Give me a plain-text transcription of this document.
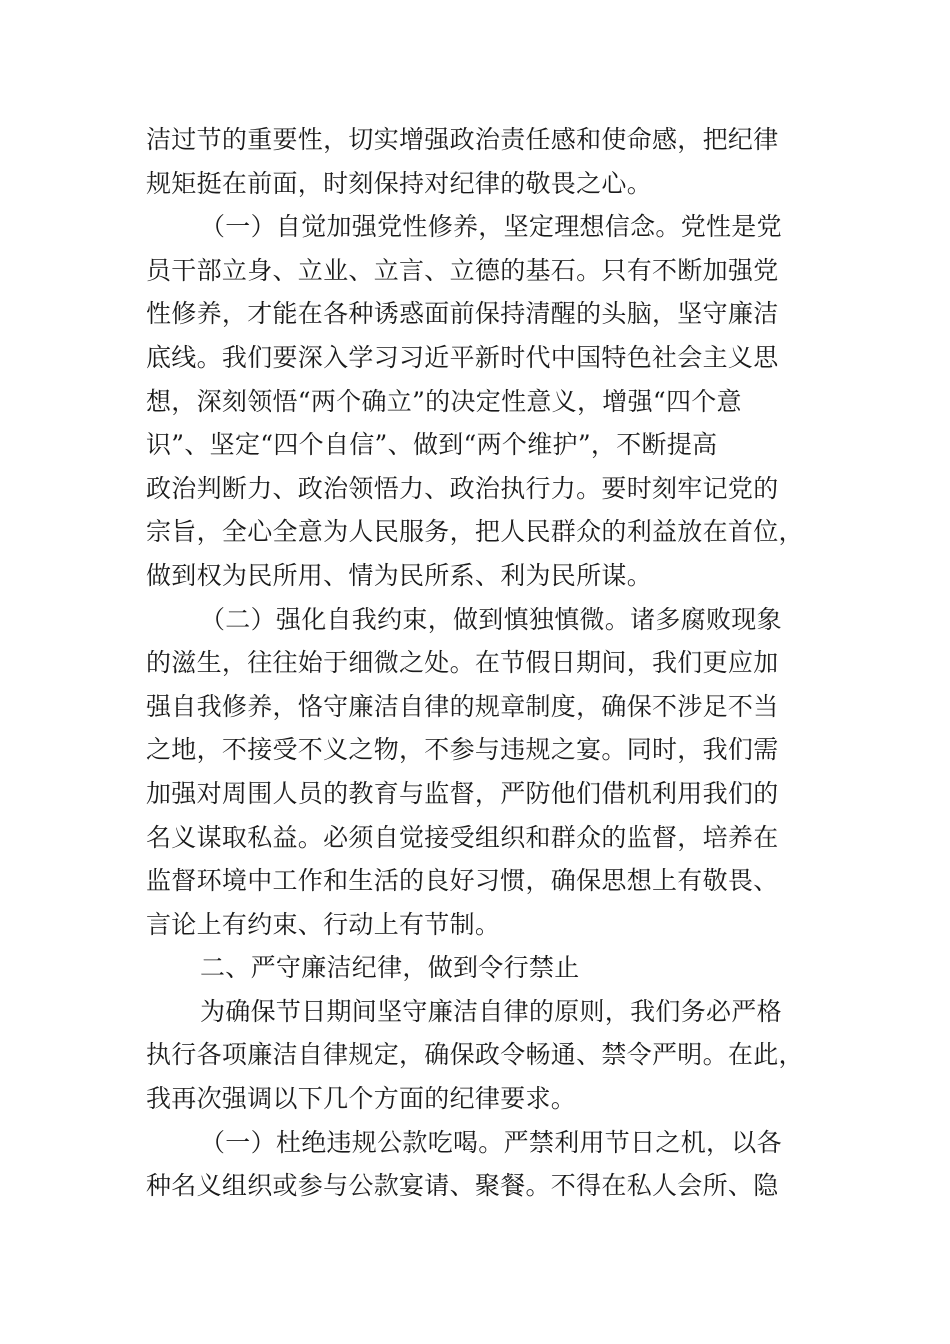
洁过节的重要性，切实增强政治责任感和使命感，把纪律

规矩挺在前面，时刻保持对纪律的敬畏之心。

（一）自觉加强党性修养，坚定理想信念。党性是党

员干部立身、立业、立言、立德的基石。只有不断加强党

性修养，才能在各种诱惑面前保持清醒的头脑，坚守廉洁

底线。我们要深入学习习近平新时代中国特色社会主义思

想，深刻领悟“两个确立”的决定性意义，增强“四个意

识”、坚定“四个自信”、做到“两个维护”，不断提高

政治判断力、政治领悟力、政治执行力。要时刻牢记党的

宗旨，全心全意为人民服务，把人民群众的利益放在首位，

做到权为民所用、情为民所系、利为民所谋。

（二）强化自我约束，做到慎独慎微。诸多腐败现象

的滋生，往往始于细微之处。在节假日期间，我们更应加

强自我修养，恪守廉洁自律的规章制度，确保不涉足不当

之地，不接受不义之物，不参与违规之宴。同时，我们需

加强对周围人员的教育与监督，严防他们借机利用我们的

名义谋取私益。必须自觉接受组织和群众的监督，培养在

监督环境中工作和生活的良好习惯，确保思想上有敬畏、

言论上有约束、行动上有节制。

二、严守廉洁纪律，做到令行禁止

为确保节日期间坚守廉洁自律的原则，我们务必严格

执行各项廉洁自律规定，确保政令畅通、禁令严明。在此，

我再次强调以下几个方面的纪律要求。

（一）杜绝违规公款吃喝。严禁利用节日之机，以各

种名义组织或参与公款宴请、聚餐。不得在私人会所、隐
